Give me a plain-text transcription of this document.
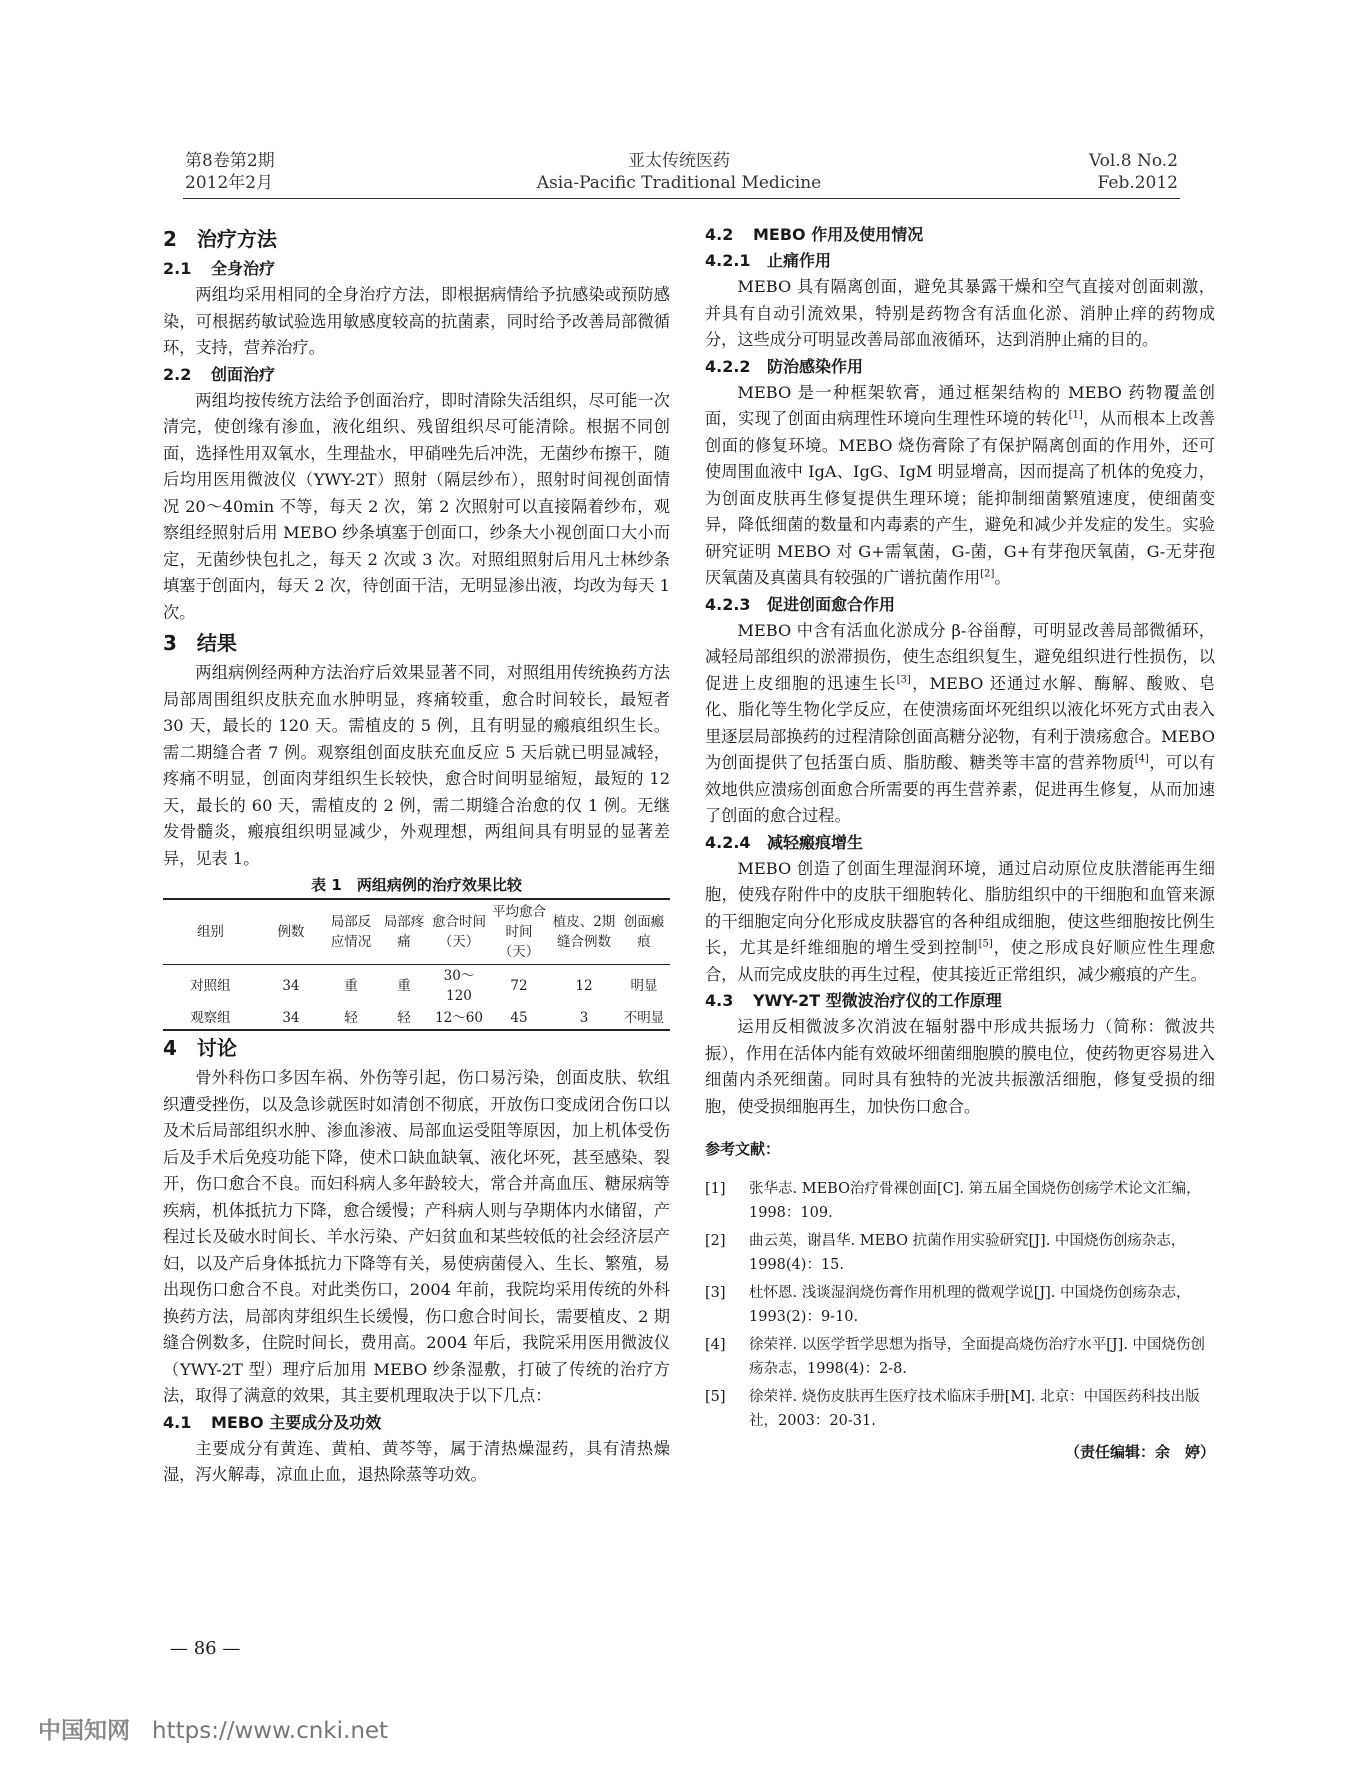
第8卷第2期
2012年2月
亚太传统医药
Asia-Pacific Traditional Medicine
Vol.8 No.2
Feb.2012
2　治疗方法
2.1 全身治疗

两组均采用相同的全身治疗方法，即根据病情给予抗感染或预防感染，可根据药敏试验选用敏感度较高的抗菌素，同时给予改善局部微循环，支持，营养治疗。

2.2 创面治疗

两组均按传统方法给予创面治疗，即时清除失活组织，尽可能一次清完，使创缘有渗血，液化组织、残留组织尽可能清除。根据不同创面，选择性用双氧水，生理盐水，甲硝唑先后冲洗，无菌纱布擦干，随后均用医用微波仪（YWY-2T）照射（隔层纱布），照射时间视创面情况 20～40min 不等，每天 2 次，第 2 次照射可以直接隔着纱布，观察组经照射后用 MEBO 纱条填塞于创面口，纱条大小视创面口大小而定，无菌纱快包扎之，每天 2 次或 3 次。对照组照射后用凡士林纱条填塞于创面内，每天 2 次，待创面干洁，无明显渗出液，均改为每天 1 次。

3　结果

两组病例经两种方法治疗后效果显著不同，对照组用传统换药方法局部周围组织皮肤充血水肿明显，疼痛较重，愈合时间较长，最短者 30 天，最长的 120 天。需植皮的 5 例，且有明显的瘢痕组织生长。需二期缝合者 7 例。观察组创面皮肤充血反应 5 天后就已明显减轻，疼痛不明显，创面肉芽组织生长较快，愈合时间明显缩短，最短的 12 天，最长的 60 天，需植皮的 2 例，需二期缝合治愈的仅 1 例。无继发骨髓炎，瘢痕组织明显减少，外观理想，两组间具有明显的显著差异，见表 1。

表 1　两组病例的治疗效果比较
组别	例数	局部反应情况	局部疼痛	愈合时间（天）	平均愈合时间（天）	植皮、2期缝合例数	创面瘢痕
对照组	34	重	重	30～120	72	12	明显
观察组	34	轻	轻	12～60	45	3	不明显
4　讨论

骨外科伤口多因车祸、外伤等引起，伤口易污染，创面皮肤、软组织遭受挫伤，以及急诊就医时如清创不彻底，开放伤口变成闭合伤口以及术后局部组织水肿、渗血渗液、局部血运受阻等原因，加上机体受伤后及手术后免疫功能下降，使术口缺血缺氧、液化坏死，甚至感染、裂开，伤口愈合不良。而妇科病人多年龄较大，常合并高血压、糖尿病等疾病，机体抵抗力下降，愈合缓慢；产科病人则与孕期体内水储留，产程过长及破水时间长、羊水污染、产妇贫血和某些较低的社会经济层产妇，以及产后身体抵抗力下降等有关，易使病菌侵入、生长、繁殖，易出现伤口愈合不良。对此类伤口，2004 年前，我院均采用传统的外科换药方法，局部肉芽组织生长缓慢，伤口愈合时间长，需要植皮、2 期缝合例数多，住院时间长，费用高。2004 年后，我院采用医用微波仪（YWY-2T 型）理疗后加用 MEBO 纱条湿敷，打破了传统的治疗方法，取得了满意的效果，其主要机理取决于以下几点：

4.1 MEBO 主要成分及功效

主要成分有黄连、黄柏、黄芩等，属于清热燥湿药，具有清热燥湿，泻火解毒，凉血止血，退热除蒸等功效。

4.2 MEBO 作用及使用情况
4.2.1 止痛作用

MEBO 具有隔离创面，避免其暴露干燥和空气直接对创面刺激，并具有自动引流效果，特别是药物含有活血化淤、消肿止痒的药物成分，这些成分可明显改善局部血液循环，达到消肿止痛的目的。

4.2.2 防治感染作用

MEBO 是一种框架软膏，通过框架结构的 MEBO 药物覆盖创面，实现了创面由病理性环境向生理性环境的转化[1]，从而根本上改善创面的修复环境。MEBO 烧伤膏除了有保护隔离创面的作用外，还可使周围血液中 IgA、IgG、IgM 明显增高，因而提高了机体的免疫力，为创面皮肤再生修复提供生理环境；能抑制细菌繁殖速度，使细菌变异，降低细菌的数量和内毒素的产生，避免和减少并发症的发生。实验研究证明 MEBO 对 G+需氧菌，G-菌，G+有芽孢厌氧菌，G-无芽孢厌氧菌及真菌具有较强的广谱抗菌作用[2]。

4.2.3 促进创面愈合作用

MEBO 中含有活血化淤成分 β-谷甾醇，可明显改善局部微循环，减轻局部组织的淤滞损伤，使生态组织复生，避免组织进行性损伤，以促进上皮细胞的迅速生长[3]，MEBO 还通过水解、酶解、酸败、皂化、脂化等生物化学反应，在使溃疡面坏死组织以液化坏死方式由表入里逐层局部换药的过程清除创面高糖分泌物，有利于溃疡愈合。MEBO 为创面提供了包括蛋白质、脂肪酸、糖类等丰富的营养物质[4]，可以有效地供应溃疡创面愈合所需要的再生营养素，促进再生修复，从而加速了创面的愈合过程。

4.2.4 减轻瘢痕增生

MEBO 创造了创面生理湿润环境，通过启动原位皮肤潜能再生细胞，使残存附件中的皮肤干细胞转化、脂肪组织中的干细胞和血管来源的干细胞定向分化形成皮肤器官的各种组成细胞，使这些细胞按比例生长，尤其是纤维细胞的增生受到控制[5]，使之形成良好顺应性生理愈合，从而完成皮肤的再生过程，使其接近正常组织，减少瘢痕的产生。

4.3 YWY-2T 型微波治疗仪的工作原理

运用反相微波多次消波在辐射器中形成共振场力（简称：微波共振），作用在活体内能有效破坏细菌细胞膜的膜电位，使药物更容易进入细菌内杀死细菌。同时具有独特的光波共振激活细胞，修复受损的细胞，使受损细胞再生，加快伤口愈合。

参考文献：

[1] 张华志. MEBO治疗骨裸创面[C]. 第五届全国烧伤创疡学术论文汇编，1998：109.

[2] 曲云英，谢昌华. MEBO 抗菌作用实验研究[J]. 中国烧伤创疡杂志，1998(4)：15.

[3] 杜怀恩. 浅谈湿润烧伤膏作用机理的微观学说[J]. 中国烧伤创疡杂志，1993(2)：9-10.

[4] 徐荣祥. 以医学哲学思想为指导，全面提高烧伤治疗水平[J]. 中国烧伤创疡杂志，1998(4)：2-8.

[5] 徐荣祥. 烧伤皮肤再生医疗技术临床手册[M]. 北京：中国医药科技出版社，2003：20-31.

（责任编辑：余　婷）
— 86 —
中国知网 https://www.cnki.net
